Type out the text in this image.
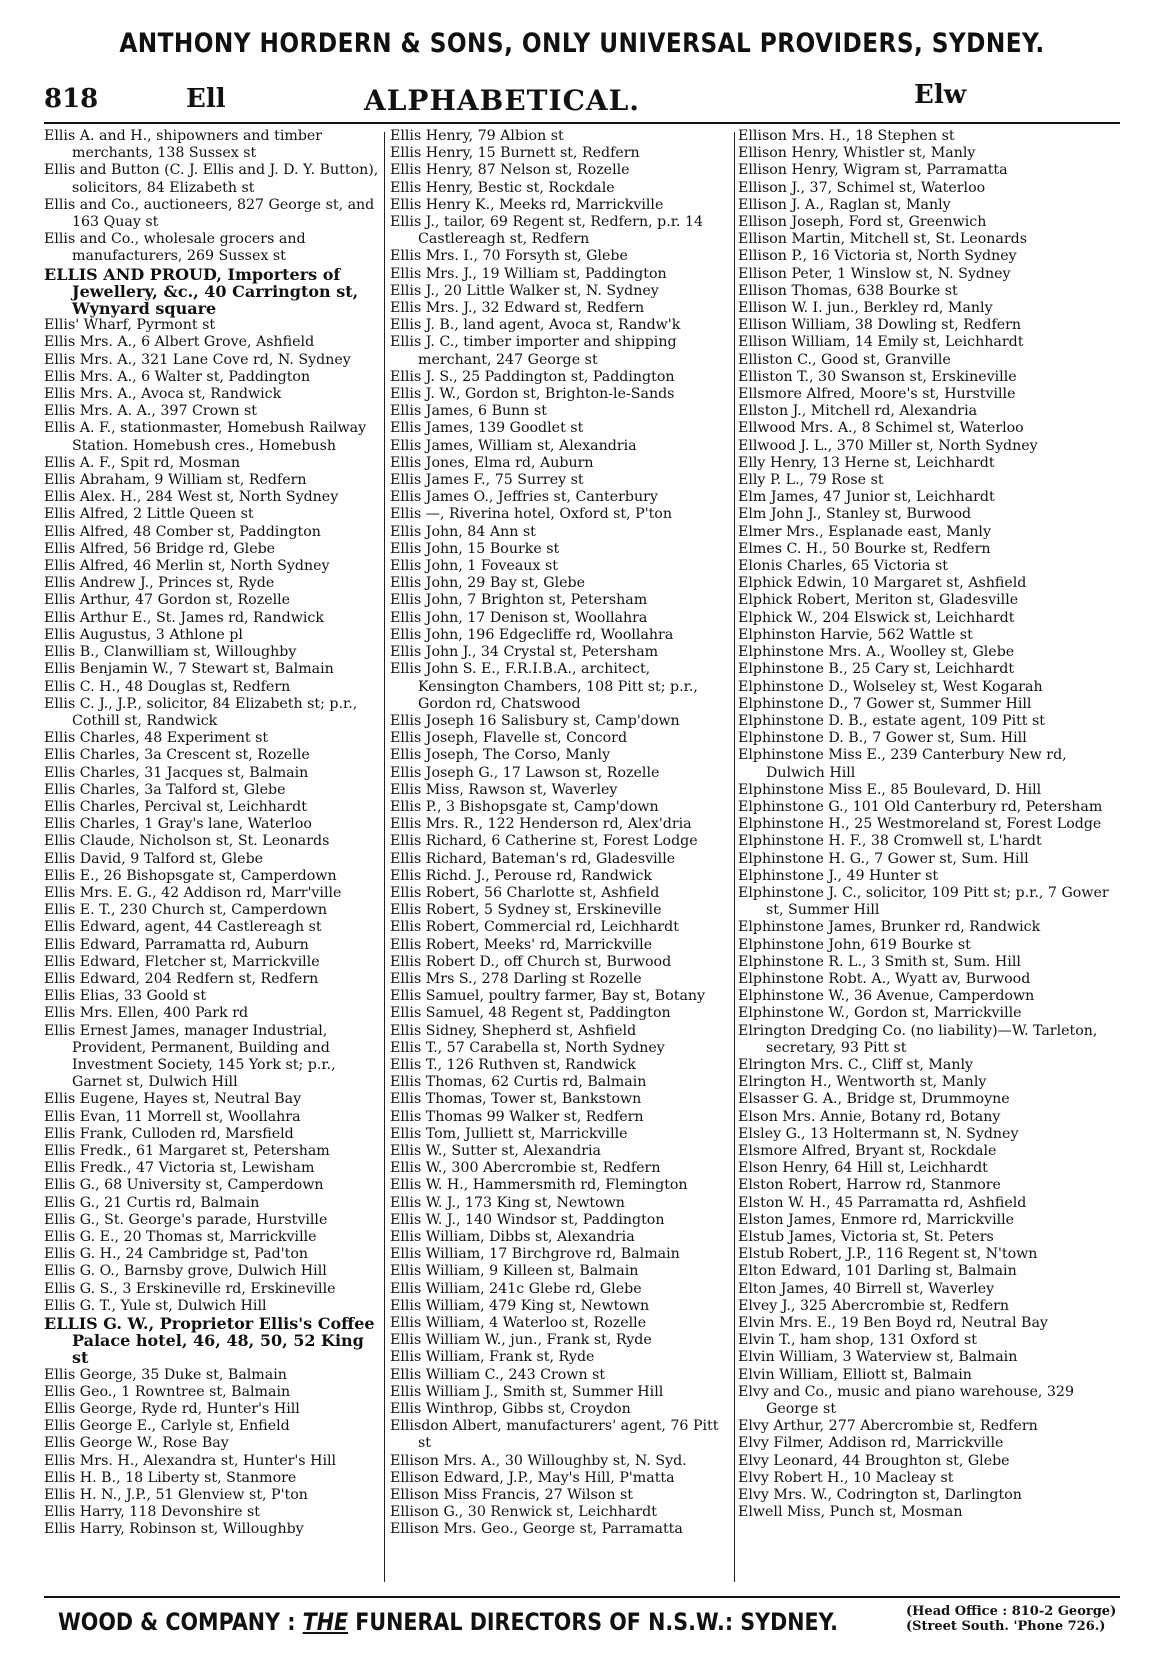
ANTHONY HORDERN & SONS, ONLY UNIVERSAL PROVIDERS, SYDNEY.
818	Ell	ALPHABETICAL.	Elw

Ellis A. and H., shipowners and timber merchants, 138 Sussex st

Ellis and Button (C. J. Ellis and J. D. Y. Button), solicitors, 84 Elizabeth st

Ellis and Co., auctioneers, 827 George st, and 163 Quay st

Ellis and Co., wholesale grocers and manufacturers, 269 Sussex st

ELLIS AND PROUD, Importers of Jewellery, &c., 40 Carrington st, Wynyard square

Ellis' Wharf, Pyrmont st

Ellis Mrs. A., 6 Albert Grove, Ashfield

Ellis Mrs. A., 321 Lane Cove rd, N. Sydney

Ellis Mrs. A., 6 Walter st, Paddington

Ellis Mrs. A., Avoca st, Randwick

Ellis Mrs. A. A., 397 Crown st

Ellis A. F., stationmaster, Homebush Railway Station. Homebush cres., Homebush

Ellis A. F., Spit rd, Mosman

Ellis Abraham, 9 William st, Redfern

Ellis Alex. H., 284 West st, North Sydney

Ellis Alfred, 2 Little Queen st

Ellis Alfred, 48 Comber st, Paddington

Ellis Alfred, 56 Bridge rd, Glebe

Ellis Alfred, 46 Merlin st, North Sydney

Ellis Andrew J., Princes st, Ryde

Ellis Arthur, 47 Gordon st, Rozelle

Ellis Arthur E., St. James rd, Randwick

Ellis Augustus, 3 Athlone pl

Ellis B., Clanwilliam st, Willoughby

Ellis Benjamin W., 7 Stewart st, Balmain

Ellis C. H., 48 Douglas st, Redfern

Ellis C. J., J.P., solicitor, 84 Elizabeth st; p.r., Cothill st, Randwick

Ellis Charles, 48 Experiment st

Ellis Charles, 3a Crescent st, Rozelle

Ellis Charles, 31 Jacques st, Balmain

Ellis Charles, 3a Talford st, Glebe

Ellis Charles, Percival st, Leichhardt

Ellis Charles, 1 Gray's lane, Waterloo

Ellis Claude, Nicholson st, St. Leonards

Ellis David, 9 Talford st, Glebe

Ellis E., 26 Bishopsgate st, Camperdown

Ellis Mrs. E. G., 42 Addison rd, Marr'ville

Ellis E. T., 230 Church st, Camperdown

Ellis Edward, agent, 44 Castlereagh st

Ellis Edward, Parramatta rd, Auburn

Ellis Edward, Fletcher st, Marrickville

Ellis Edward, 204 Redfern st, Redfern

Ellis Elias, 33 Goold st

Ellis Mrs. Ellen, 400 Park rd

Ellis Ernest James, manager Industrial, Provident, Permanent, Building and Investment Society, 145 York st; p.r., Garnet st, Dulwich Hill

Ellis Eugene, Hayes st, Neutral Bay

Ellis Evan, 11 Morrell st, Woollahra

Ellis Frank, Culloden rd, Marsfield

Ellis Fredk., 61 Margaret st, Petersham

Ellis Fredk., 47 Victoria st, Lewisham

Ellis G., 68 University st, Camperdown

Ellis G., 21 Curtis rd, Balmain

Ellis G., St. George's parade, Hurstville

Ellis G. E., 20 Thomas st, Marrickville

Ellis G. H., 24 Cambridge st, Pad'ton

Ellis G. O., Barnsby grove, Dulwich Hill

Ellis G. S., 3 Erskineville rd, Erskineville

Ellis G. T., Yule st, Dulwich Hill

ELLIS G. W., Proprietor Ellis's Coffee Palace hotel, 46, 48, 50, 52 King st

Ellis George, 35 Duke st, Balmain

Ellis Geo., 1 Rowntree st, Balmain

Ellis George, Ryde rd, Hunter's Hill

Ellis George E., Carlyle st, Enfield

Ellis George W., Rose Bay

Ellis Mrs. H., Alexandra st, Hunter's Hill

Ellis H. B., 18 Liberty st, Stanmore

Ellis H. N., J.P., 51 Glenview st, P'ton

Ellis Harry, 118 Devonshire st

Ellis Harry, Robinson st, Willoughby

Ellis Henry, 79 Albion st

Ellis Henry, 15 Burnett st, Redfern

Ellis Henry, 87 Nelson st, Rozelle

Ellis Henry, Bestic st, Rockdale

Ellis Henry K., Meeks rd, Marrickville

Ellis J., tailor, 69 Regent st, Redfern, p.r. 14 Castlereagh st, Redfern

Ellis Mrs. I., 70 Forsyth st, Glebe

Ellis Mrs. J., 19 William st, Paddington

Ellis J., 20 Little Walker st, N. Sydney

Ellis Mrs. J., 32 Edward st, Redfern

Ellis J. B., land agent, Avoca st, Randw'k

Ellis J. C., timber importer and shipping merchant, 247 George st

Ellis J. S., 25 Paddington st, Paddington

Ellis J. W., Gordon st, Brighton-le-Sands

Ellis James, 6 Bunn st

Ellis James, 139 Goodlet st

Ellis James, William st, Alexandria

Ellis Jones, Elma rd, Auburn

Ellis James F., 75 Surrey st

Ellis James O., Jeffries st, Canterbury

Ellis —, Riverina hotel, Oxford st, P'ton

Ellis John, 84 Ann st

Ellis John, 15 Bourke st

Ellis John, 1 Foveaux st

Ellis John, 29 Bay st, Glebe

Ellis John, 7 Brighton st, Petersham

Ellis John, 17 Denison st, Woollahra

Ellis John, 196 Edgecliffe rd, Woollahra

Ellis John J., 34 Crystal st, Petersham

Ellis John S. E., F.R.I.B.A., architect, Kensington Chambers, 108 Pitt st; p.r., Gordon rd, Chatswood

Ellis Joseph 16 Salisbury st, Camp'down

Ellis Joseph, Flavelle st, Concord

Ellis Joseph, The Corso, Manly

Ellis Joseph G., 17 Lawson st, Rozelle

Ellis Miss, Rawson st, Waverley

Ellis P., 3 Bishopsgate st, Camp'down

Ellis Mrs. R., 122 Henderson rd, Alex'dria

Ellis Richard, 6 Catherine st, Forest Lodge

Ellis Richard, Bateman's rd, Gladesville

Ellis Richd. J., Perouse rd, Randwick

Ellis Robert, 56 Charlotte st, Ashfield

Ellis Robert, 5 Sydney st, Erskineville

Ellis Robert, Commercial rd, Leichhardt

Ellis Robert, Meeks' rd, Marrickville

Ellis Robert D., off Church st, Burwood

Ellis Mrs S., 278 Darling st Rozelle

Ellis Samuel, poultry farmer, Bay st, Botany

Ellis Samuel, 48 Regent st, Paddington

Ellis Sidney, Shepherd st, Ashfield

Ellis T., 57 Carabella st, North Sydney

Ellis T., 126 Ruthven st, Randwick

Ellis Thomas, 62 Curtis rd, Balmain

Ellis Thomas, Tower st, Bankstown

Ellis Thomas 99 Walker st, Redfern

Ellis Tom, Julliett st, Marrickville

Ellis W., Sutter st, Alexandria

Ellis W., 300 Abercrombie st, Redfern

Ellis W. H., Hammersmith rd, Flemington

Ellis W. J., 173 King st, Newtown

Ellis W. J., 140 Windsor st, Paddington

Ellis William, Dibbs st, Alexandria

Ellis William, 17 Birchgrove rd, Balmain

Ellis William, 9 Killeen st, Balmain

Ellis William, 241c Glebe rd, Glebe

Ellis William, 479 King st, Newtown

Ellis William, 4 Waterloo st, Rozelle

Ellis William W., jun., Frank st, Ryde

Ellis William, Frank st, Ryde

Ellis William C., 243 Crown st

Ellis William J., Smith st, Summer Hill

Ellis Winthrop, Gibbs st, Croydon

Ellisdon Albert, manufacturers' agent, 76 Pitt st

Ellison Mrs. A., 30 Willoughby st, N. Syd.

Ellison Edward, J.P., May's Hill, P'matta

Ellison Miss Francis, 27 Wilson st

Ellison G., 30 Renwick st, Leichhardt

Ellison Mrs. Geo., George st, Parramatta

Ellison Mrs. H., 18 Stephen st

Ellison Henry, Whistler st, Manly

Ellison Henry, Wigram st, Parramatta

Ellison J., 37, Schimel st, Waterloo

Ellison J. A., Raglan st, Manly

Ellison Joseph, Ford st, Greenwich

Ellison Martin, Mitchell st, St. Leonards

Ellison P., 16 Victoria st, North Sydney

Ellison Peter, 1 Winslow st, N. Sydney

Ellison Thomas, 638 Bourke st

Ellison W. I. jun., Berkley rd, Manly

Ellison William, 38 Dowling st, Redfern

Ellison William, 14 Emily st, Leichhardt

Elliston C., Good st, Granville

Elliston T., 30 Swanson st, Erskineville

Ellsmore Alfred, Moore's st, Hurstville

Ellston J., Mitchell rd, Alexandria

Ellwood Mrs. A., 8 Schimel st, Waterloo

Ellwood J. L., 370 Miller st, North Sydney

Elly Henry, 13 Herne st, Leichhardt

Elly P. L., 79 Rose st

Elm James, 47 Junior st, Leichhardt

Elm John J., Stanley st, Burwood

Elmer Mrs., Esplanade east, Manly

Elmes C. H., 50 Bourke st, Redfern

Elonis Charles, 65 Victoria st

Elphick Edwin, 10 Margaret st, Ashfield

Elphick Robert, Meriton st, Gladesville

Elphick W., 204 Elswick st, Leichhardt

Elphinston Harvie, 562 Wattle st

Elphinstone Mrs. A., Woolley st, Glebe

Elphinstone B., 25 Cary st, Leichhardt

Elphinstone D., Wolseley st, West Kogarah

Elphinstone D., 7 Gower st, Summer Hill

Elphinstone D. B., estate agent, 109 Pitt st

Elphinstone D. B., 7 Gower st, Sum. Hill

Elphinstone Miss E., 239 Canterbury New rd, Dulwich Hill

Elphinstone Miss E., 85 Boulevard, D. Hill

Elphinstone G., 101 Old Canterbury rd, Petersham

Elphinstone H., 25 Westmoreland st, Forest Lodge

Elphinstone H. F., 38 Cromwell st, L'hardt

Elphinstone H. G., 7 Gower st, Sum. Hill

Elphinstone J., 49 Hunter st

Elphinstone J. C., solicitor, 109 Pitt st; p.r., 7 Gower st, Summer Hill

Elphinstone James, Brunker rd, Randwick

Elphinstone John, 619 Bourke st

Elphinstone R. L., 3 Smith st, Sum. Hill

Elphinstone Robt. A., Wyatt av, Burwood

Elphinstone W., 36 Avenue, Camperdown

Elphinstone W., Gordon st, Marrickville

Elrington Dredging Co. (no liability)—W. Tarleton, secretary, 93 Pitt st

Elrington Mrs. C., Cliff st, Manly

Elrington H., Wentworth st, Manly

Elsasser G. A., Bridge st, Drummoyne

Elson Mrs. Annie, Botany rd, Botany

Elsley G., 13 Holtermann st, N. Sydney

Elsmore Alfred, Bryant st, Rockdale

Elson Henry, 64 Hill st, Leichhardt

Elston Robert, Harrow rd, Stanmore

Elston W. H., 45 Parramatta rd, Ashfield

Elston James, Enmore rd, Marrickville

Elstub James, Victoria st, St. Peters

Elstub Robert, J.P., 116 Regent st, N'town

Elton Edward, 101 Darling st, Balmain

Elton James, 40 Birrell st, Waverley

Elvey J., 325 Abercrombie st, Redfern

Elvin Mrs. E., 19 Ben Boyd rd, Neutral Bay

Elvin T., ham shop, 131 Oxford st

Elvin William, 3 Waterview st, Balmain

Elvin William, Elliott st, Balmain

Elvy and Co., music and piano warehouse, 329 George st

Elvy Arthur, 277 Abercrombie st, Redfern

Elvy Filmer, Addison rd, Marrickville

Elvy Leonard, 44 Broughton st, Glebe

Elvy Robert H., 10 Macleay st

Elvy Mrs. W., Codrington st, Darlington

Elwell Miss, Punch st, Mosman

WOOD & COMPANY : THE FUNERAL DIRECTORS OF N.S.W.: SYDNEY.	(Head Office : 810-2 George)
(Street South. 'Phone 726.)
